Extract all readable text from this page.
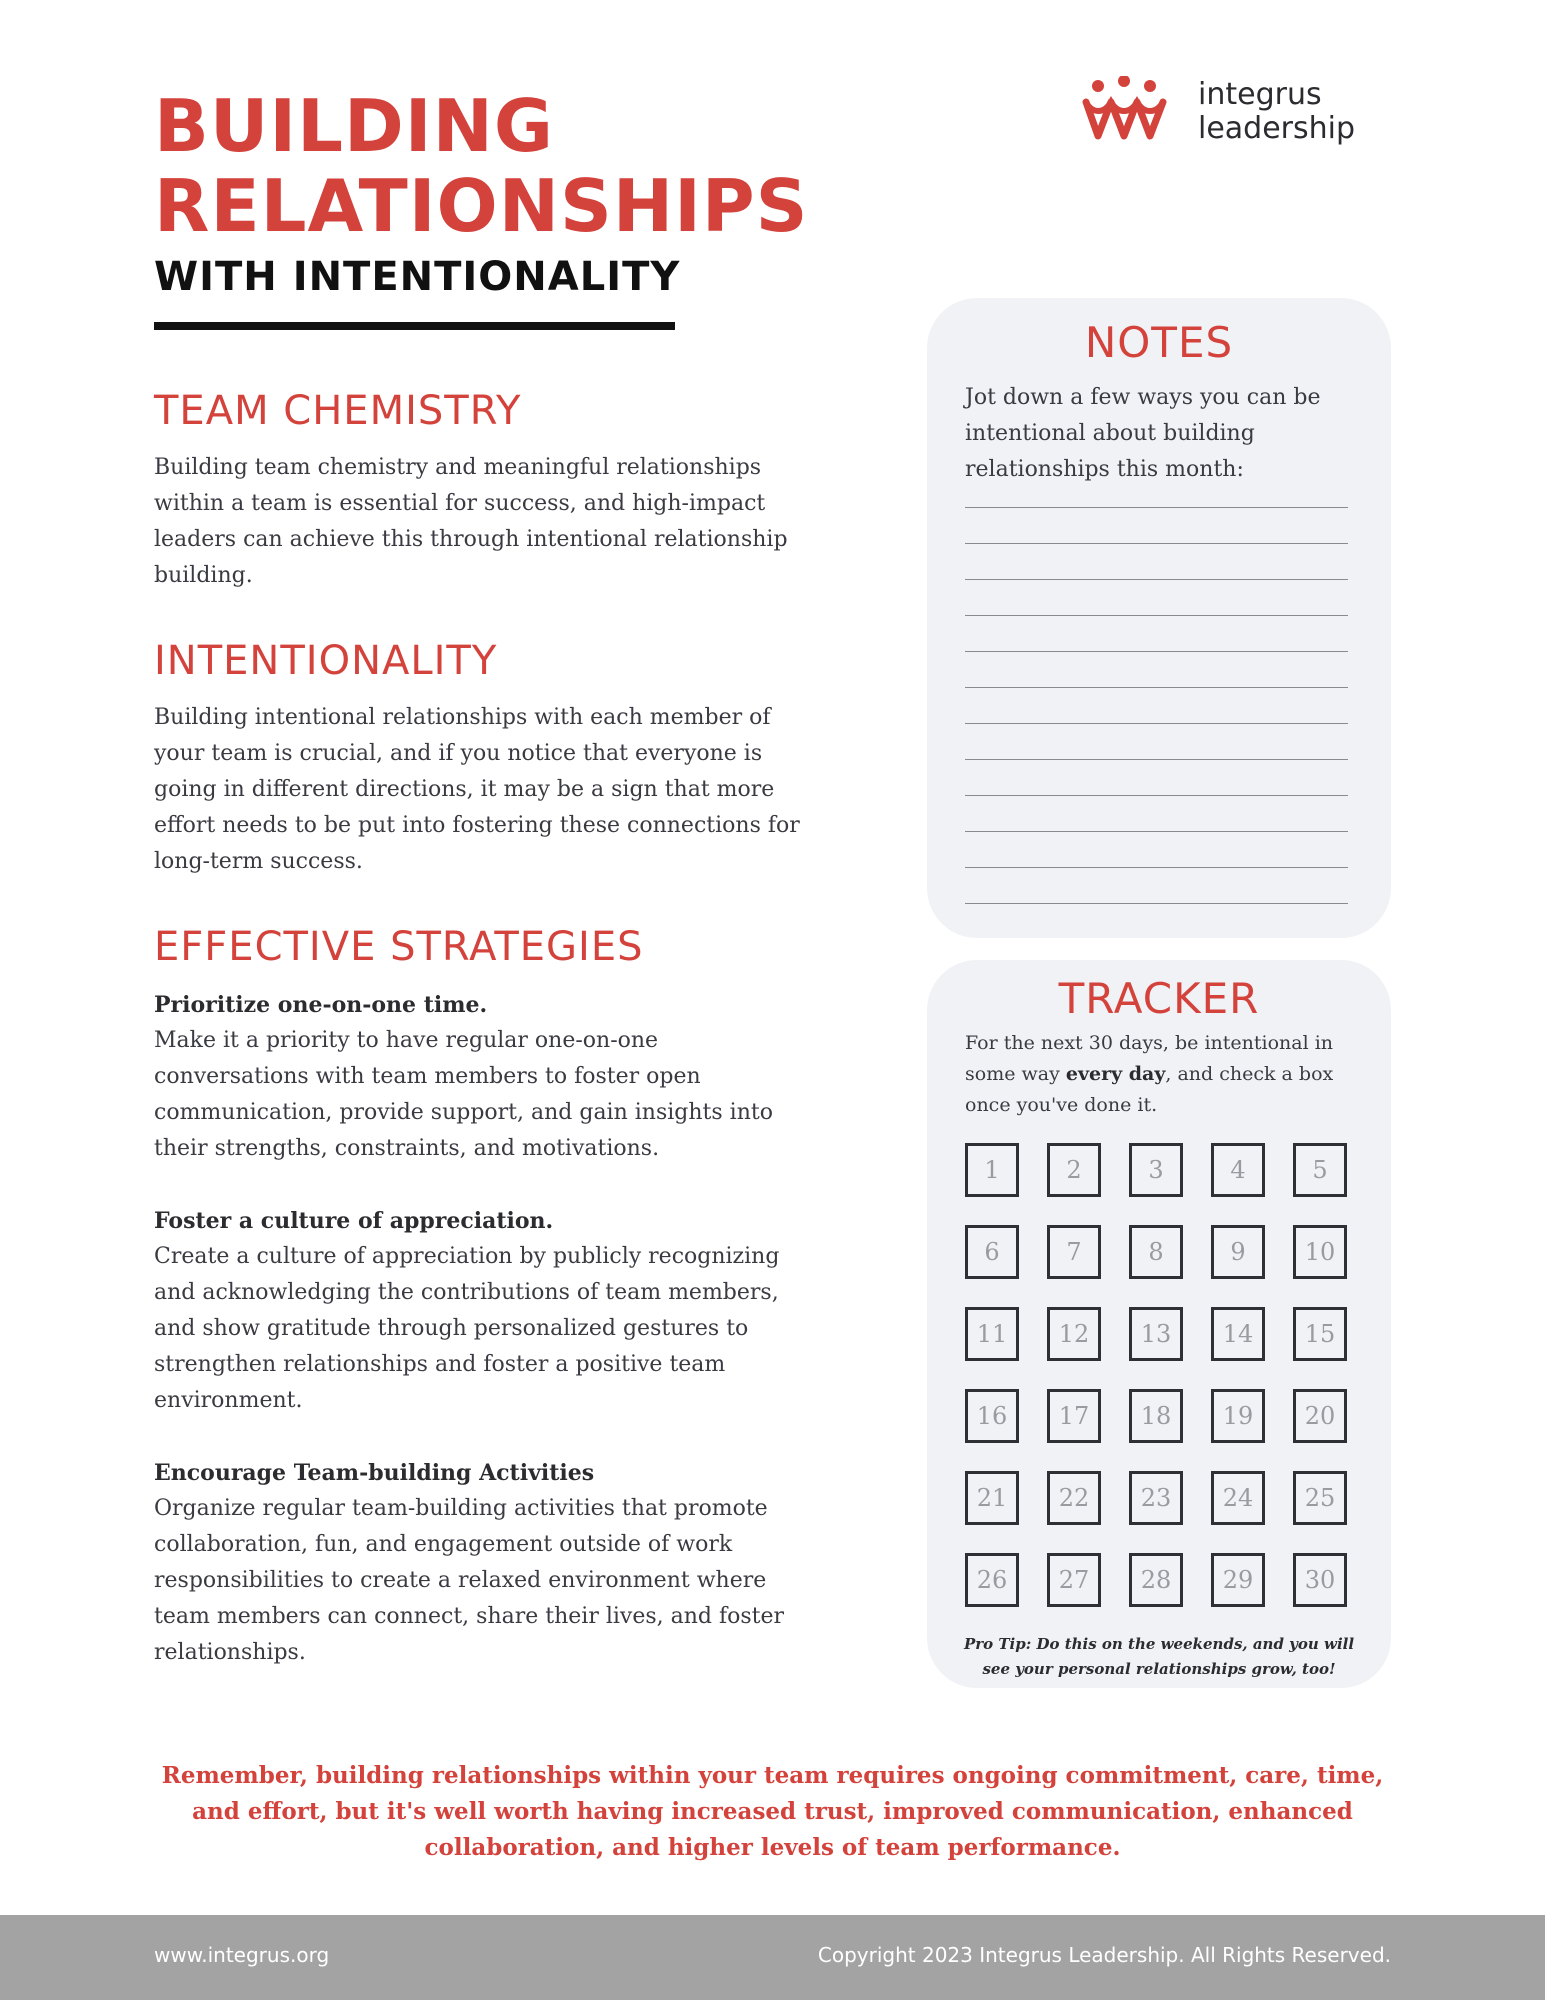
BUILDING
RELATIONSHIPS
WITH INTENTIONALITY
integrus
leadership
TEAM CHEMISTRY

Building team chemistry and meaningful relationships within a team is essential for success, and high-impact leaders can achieve this through intentional relationship building.

INTENTIONALITY

Building intentional relationships with each member of your team is crucial, and if you notice that everyone is going in different directions, it may be a sign that more effort needs to be put into fostering these connections for long-term success.

EFFECTIVE STRATEGIES

Prioritize one-on-one time.
Make it a priority to have regular one-on-one conversations with team members to foster open communication, provide support, and gain insights into their strengths, constraints, and motivations.

Foster a culture of appreciation.
Create a culture of appreciation by publicly recognizing and acknowledging the contributions of team members, and show gratitude through personalized gestures to strengthen relationships and foster a positive team environment.

Encourage Team-building Activities
Organize regular team-building activities that promote collaboration, fun, and engagement outside of work responsibilities to create a relaxed environment where team members can connect, share their lives, and foster relationships.

NOTES

Jot down a few ways you can be intentional about building relationships this month:

TRACKER

For the next 30 days, be intentional in some way every day, and check a box once you've done it.

1	2	3	4	5
6	7	8	9	10
11	12	13	14	15
16	17	18	19	20
21	22	23	24	25
26	27	28	29	30

Pro Tip: Do this on the weekends, and you will see your personal relationships grow, too!

Remember, building relationships within your team requires ongoing commitment, care, time, and effort, but it's well worth having increased trust, improved communication, enhanced collaboration, and higher levels of team performance.

www.integrus.org	Copyright 2023 Integrus Leadership. All Rights Reserved.
